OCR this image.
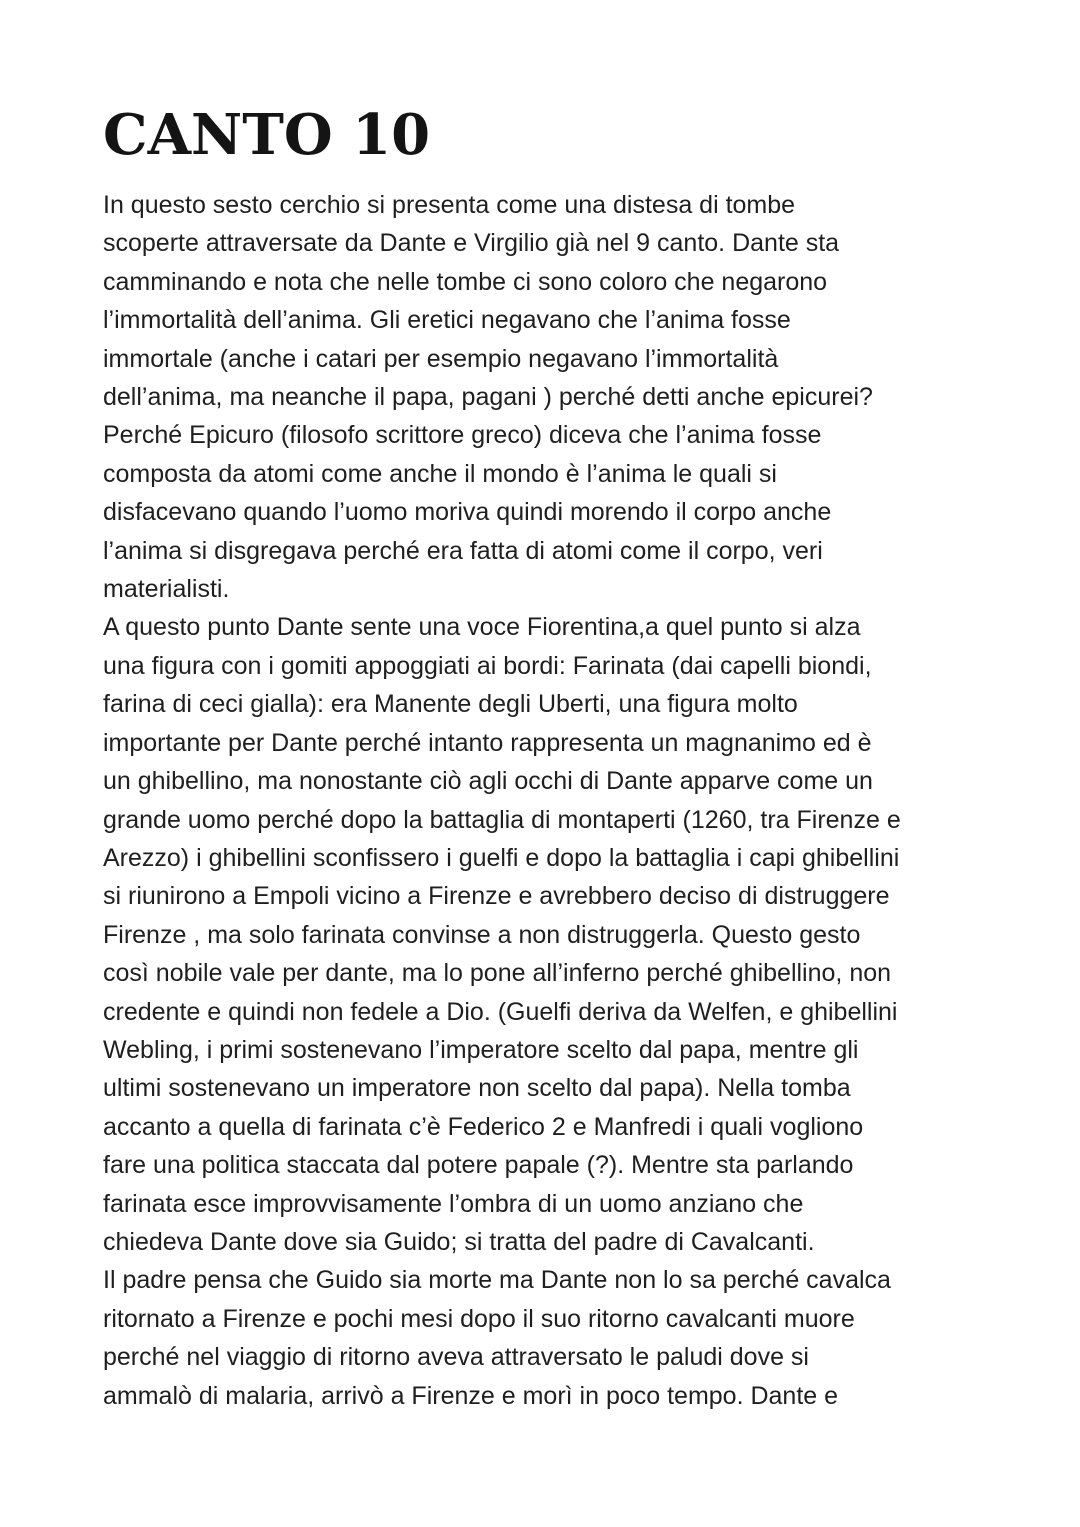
CANTO 10
In questo sesto cerchio si presenta come una distesa di tombe
scoperte attraversate da Dante e Virgilio già nel 9 canto. Dante sta
camminando e nota che nelle tombe ci sono coloro che negarono
l’immortalità dell’anima. Gli eretici negavano che l’anima fosse
immortale (anche i catari per esempio negavano l’immortalità
dell’anima, ma neanche il papa, pagani ) perché detti anche epicurei?
Perché Epicuro (filosofo scrittore greco) diceva che l’anima fosse
composta da atomi come anche il mondo è l’anima le quali si
disfacevano quando l’uomo moriva quindi morendo il corpo anche
l’anima si disgregava perché era fatta di atomi come il corpo, veri
materialisti.
A questo punto Dante sente una voce Fiorentina,a quel punto si alza
una figura con i gomiti appoggiati ai bordi: Farinata (dai capelli biondi,
farina di ceci gialla): era Manente degli Uberti, una figura molto
importante per Dante perché intanto rappresenta un magnanimo ed è
un ghibellino, ma nonostante ciò agli occhi di Dante apparve come un
grande uomo perché dopo la battaglia di montaperti (1260, tra Firenze e
Arezzo) i ghibellini sconfissero i guelfi e dopo la battaglia i capi ghibellini
si riunirono a Empoli vicino a Firenze e avrebbero deciso di distruggere
Firenze , ma solo farinata convinse a non distruggerla. Questo gesto
così nobile vale per dante, ma lo pone all’inferno perché ghibellino, non
credente e quindi non fedele a Dio. (Guelfi deriva da Welfen, e ghibellini
Webling, i primi sostenevano l’imperatore scelto dal papa, mentre gli
ultimi sostenevano un imperatore non scelto dal papa). Nella tomba
accanto a quella di farinata c’è Federico 2 e Manfredi i quali vogliono
fare una politica staccata dal potere papale (?). Mentre sta parlando
farinata esce improvvisamente l’ombra di un uomo anziano che
chiedeva Dante dove sia Guido; si tratta del padre di Cavalcanti.
Il padre pensa che Guido sia morte ma Dante non lo sa perché cavalca
ritornato a Firenze e pochi mesi dopo il suo ritorno cavalcanti muore
perché nel viaggio di ritorno aveva attraversato le paludi dove si
ammalò di malaria, arrivò a Firenze e morì in poco tempo. Dante e
